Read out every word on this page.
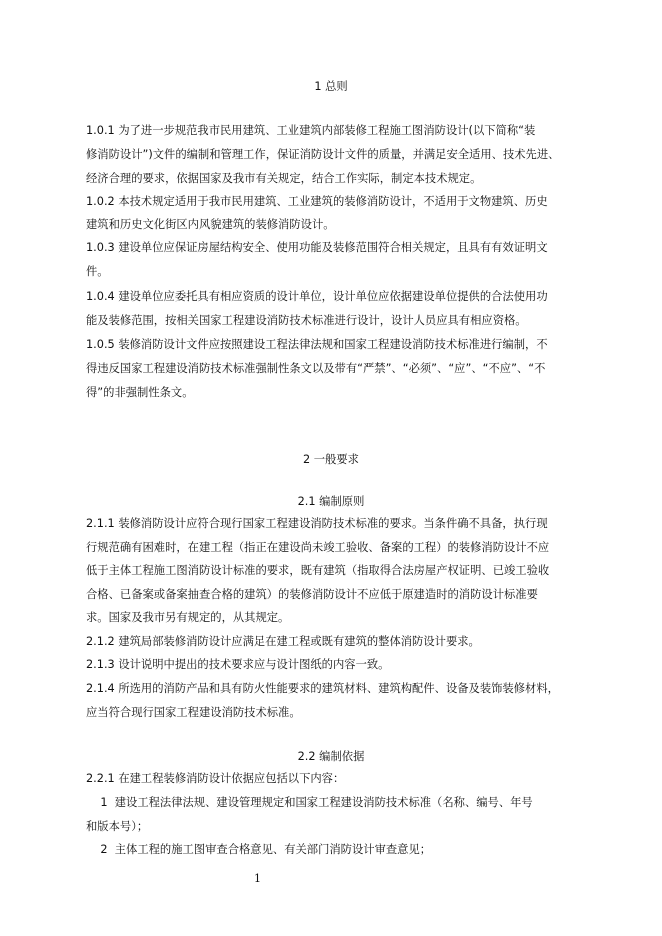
1 总则
1.0.1 为了进一步规范我市民用建筑、工业建筑内部装修工程施工图消防设计(以下简称“装
修消防设计”)文件的编制和管理工作，保证消防设计文件的质量，并满足安全适用、技术先进、
经济合理的要求，依据国家及我市有关规定，结合工作实际，制定本技术规定。
1.0.2 本技术规定适用于我市民用建筑、工业建筑的装修消防设计，不适用于文物建筑、历史
建筑和历史文化街区内风貌建筑的装修消防设计。
1.0.3 建设单位应保证房屋结构安全、使用功能及装修范围符合相关规定，且具有有效证明文
件。
1.0.4 建设单位应委托具有相应资质的设计单位，设计单位应依据建设单位提供的合法使用功
能及装修范围，按相关国家工程建设消防技术标准进行设计，设计人员应具有相应资格。
1.0.5 装修消防设计文件应按照建设工程法律法规和国家工程建设消防技术标准进行编制，不
得违反国家工程建设消防技术标准强制性条文以及带有“严禁”、“必须”、“应”、“不应”、“不
得”的非强制性条文。
2 一般要求
2.1 编制原则
2.1.1 装修消防设计应符合现行国家工程建设消防技术标准的要求。当条件确不具备，执行现
行规范确有困难时，在建工程（指正在建设尚未竣工验收、备案的工程）的装修消防设计不应
低于主体工程施工图消防设计标准的要求，既有建筑（指取得合法房屋产权证明、已竣工验收
合格、已备案或备案抽查合格的建筑）的装修消防设计不应低于原建造时的消防设计标准要
求。国家及我市另有规定的，从其规定。
2.1.2 建筑局部装修消防设计应满足在建工程或既有建筑的整体消防设计要求。
2.1.3 设计说明中提出的技术要求应与设计图纸的内容一致。
2.1.4 所选用的消防产品和具有防火性能要求的建筑材料、建筑构配件、设备及装饰装修材料，
应当符合现行国家工程建设消防技术标准。
2.2 编制依据
2.2.1 在建工程装修消防设计依据应包括以下内容：
1  建设工程法律法规、建设管理规定和国家工程建设消防技术标准（名称、编号、年号
和版本号）；
2  主体工程的施工图审查合格意见、有关部门消防设计审查意见；
1
